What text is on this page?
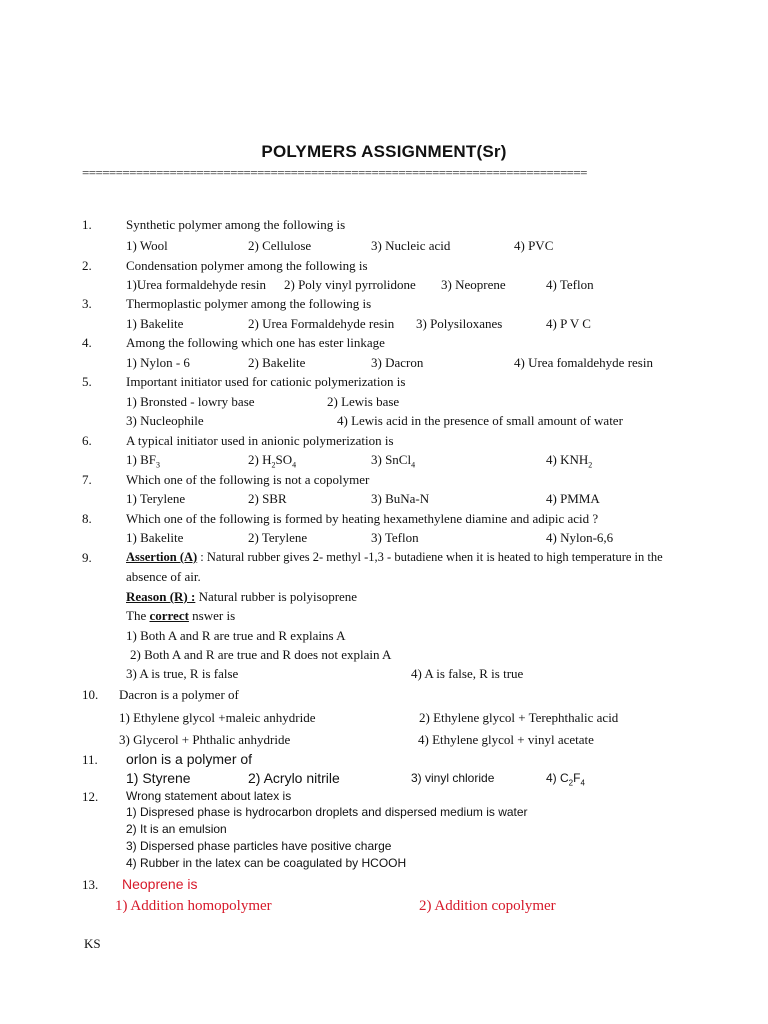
POLYMERS ASSIGNMENT(Sr)
===========================================================================
1.	Synthetic polymer among the following is
1) Wool	2) Cellulose	3) Nucleic acid	4) PVC
2.	Condensation polymer among the following is
1)Urea formaldehyde resin 2) Poly vinyl pyrrolidone 3) Neoprene	4) Teflon
3.	Thermoplastic polymer among the following is
1) Bakelite	2) Urea Formaldehyde resin 3) Polysiloxanes	4) P V C
4.	Among the following which one has ester linkage
1) Nylon - 6	2) Bakelite	3) Dacron	4) Urea fomaldehyde resin
5.	Important initiator used for cationic polymerization is
1) Bronsted - lowry base	2) Lewis base
3) Nucleophile	4) Lewis acid in the presence of small amount of water
6.	A typical initiator used in anionic polymerization is
1) $BF_3$	2) $H_2SO_4$	3) SnCl$_4$	4) $KNH_2$
7.	Which one of the following is not a copolymer
1) Terylene	2) SBR	3) BuNa-N	4) PMMA
8.	Which one of the following is formed by heating hexamethylene diamine and adipic acid ?
1) Bakelite	2) Terylene	3) Teflon	4) Nylon-6,6
9.	Assertion (A) : Natural rubber gives 2- methyl -1,3 - butadiene when it is heated to high temperature in the
absence of air.
Reason (R) : Natural rubber is polyisoprene
The correct nswer is
1) Both A and R are true and R explains A
2) Both A and R are true and R does not explain A
3) A is true, R is false	4) A is false, R is true
10. Dacron is a polymer of
1) Ethylene glycol +maleic anhydride	2) Ethylene glycol + Terephthalic acid
3) Glycerol + Phthalic anhydride	4) Ethylene glycol + vinyl acetate
11. orlon is a polymer of
1) Styrene	2) Acrylo nitrile	3) vinyl chloride	4) $C_2F_4$
12. Wrong statement about latex is
1) Dispresed phase is hydrocarbon droplets and dispersed medium is water
2) It is an emulsion
3) Dispersed phase particles have positive charge
4) Rubber in the latex can be coagulated by HCOOH
13. Neoprene is
1) Addition homopolymer	2) Addition copolymer
KS
